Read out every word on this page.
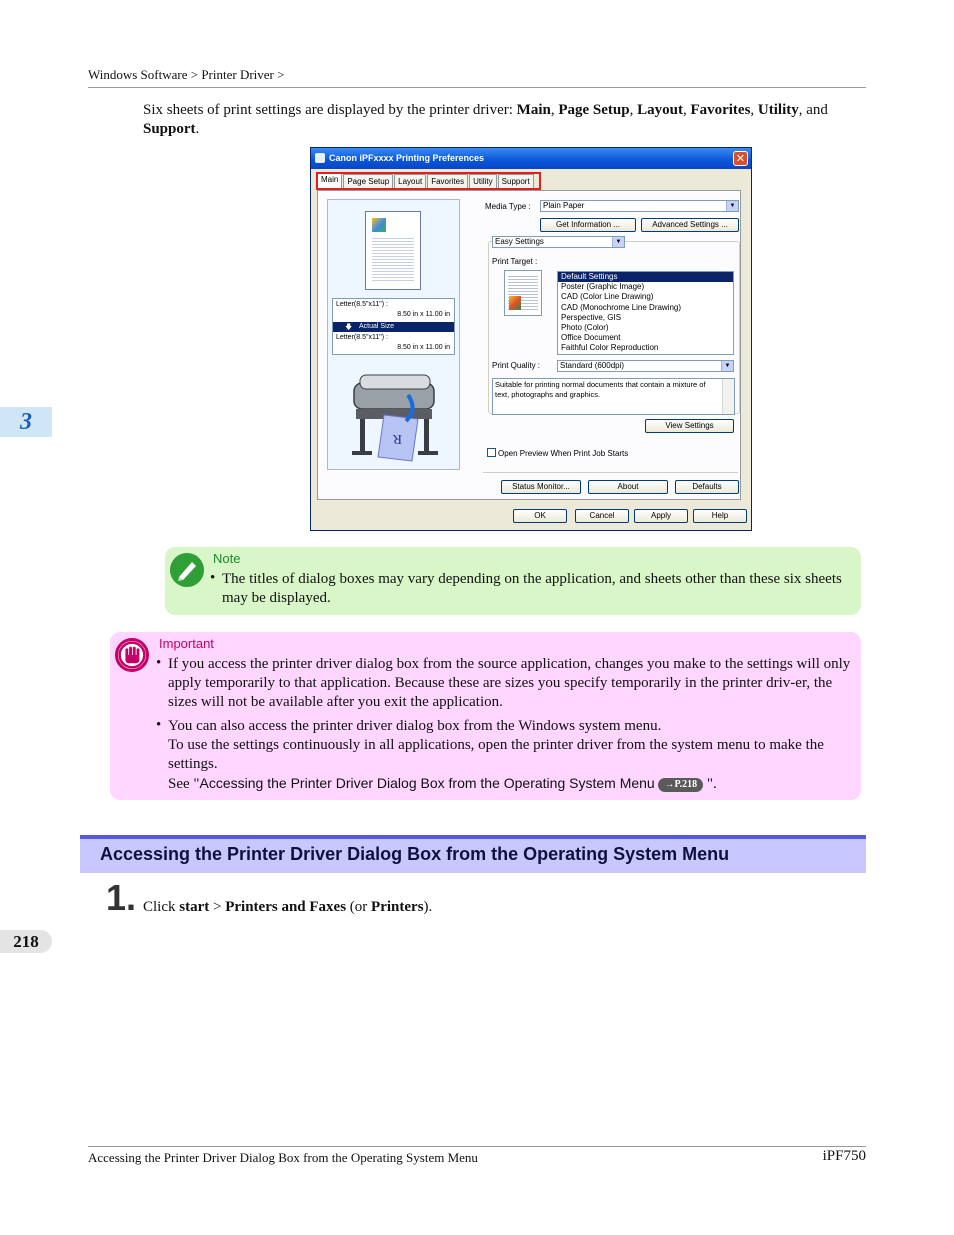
Windows Software > Printer Driver >
3
218
Six sheets of print settings are displayed by the printer driver: Main, Page Setup, Layout, Favorites, Utility, and Support.
Canon iPFxxxx Printing Preferences	✕
Main	Page Setup	Layout	Favorites	Utility	Support
Letter(8.5"x11") :
8.50 in x 11.00 in
🡇 Actual Size
Letter(8.5"x11") :
8.50 in x 11.00 in
R
Media Type :	Plain Paper	▼
Get Information ...	Advanced Settings ...
Easy Settings	▼
Print Target :
Default Settings
Poster (Graphic Image)
CAD (Color Line Drawing)
CAD (Monochrome Line Drawing)
Perspective, GIS
Photo (Color)
Office Document
Faithful Color Reproduction
Print Quality :	Standard (600dpi)	▼
Suitable for printing normal documents that contain a mixture of text, photographs and graphics.
View Settings
Open Preview When Print Job Starts
Status Monitor...	About	Defaults
OK	Cancel	Apply	Help
Note
• The titles of dialog boxes may vary depending on the application, and sheets other than these six sheets may be displayed.
Important
• If you access the printer driver dialog box from the source application, changes you make to the settings will only apply temporarily to that application. Because these are sizes you specify temporarily in the printer driv-er, the sizes will not be available after you exit the application.
• You can also access the printer driver dialog box from the Windows system menu.
To use the settings continuously in all applications, open the printer driver from the system menu to make the settings.
See "Accessing the Printer Driver Dialog Box from the Operating System Menu →P.218 ".
Accessing the Printer Driver Dialog Box from the Operating System Menu
1. Click start > Printers and Faxes (or Printers).
Accessing the Printer Driver Dialog Box from the Operating System Menu	iPF750
